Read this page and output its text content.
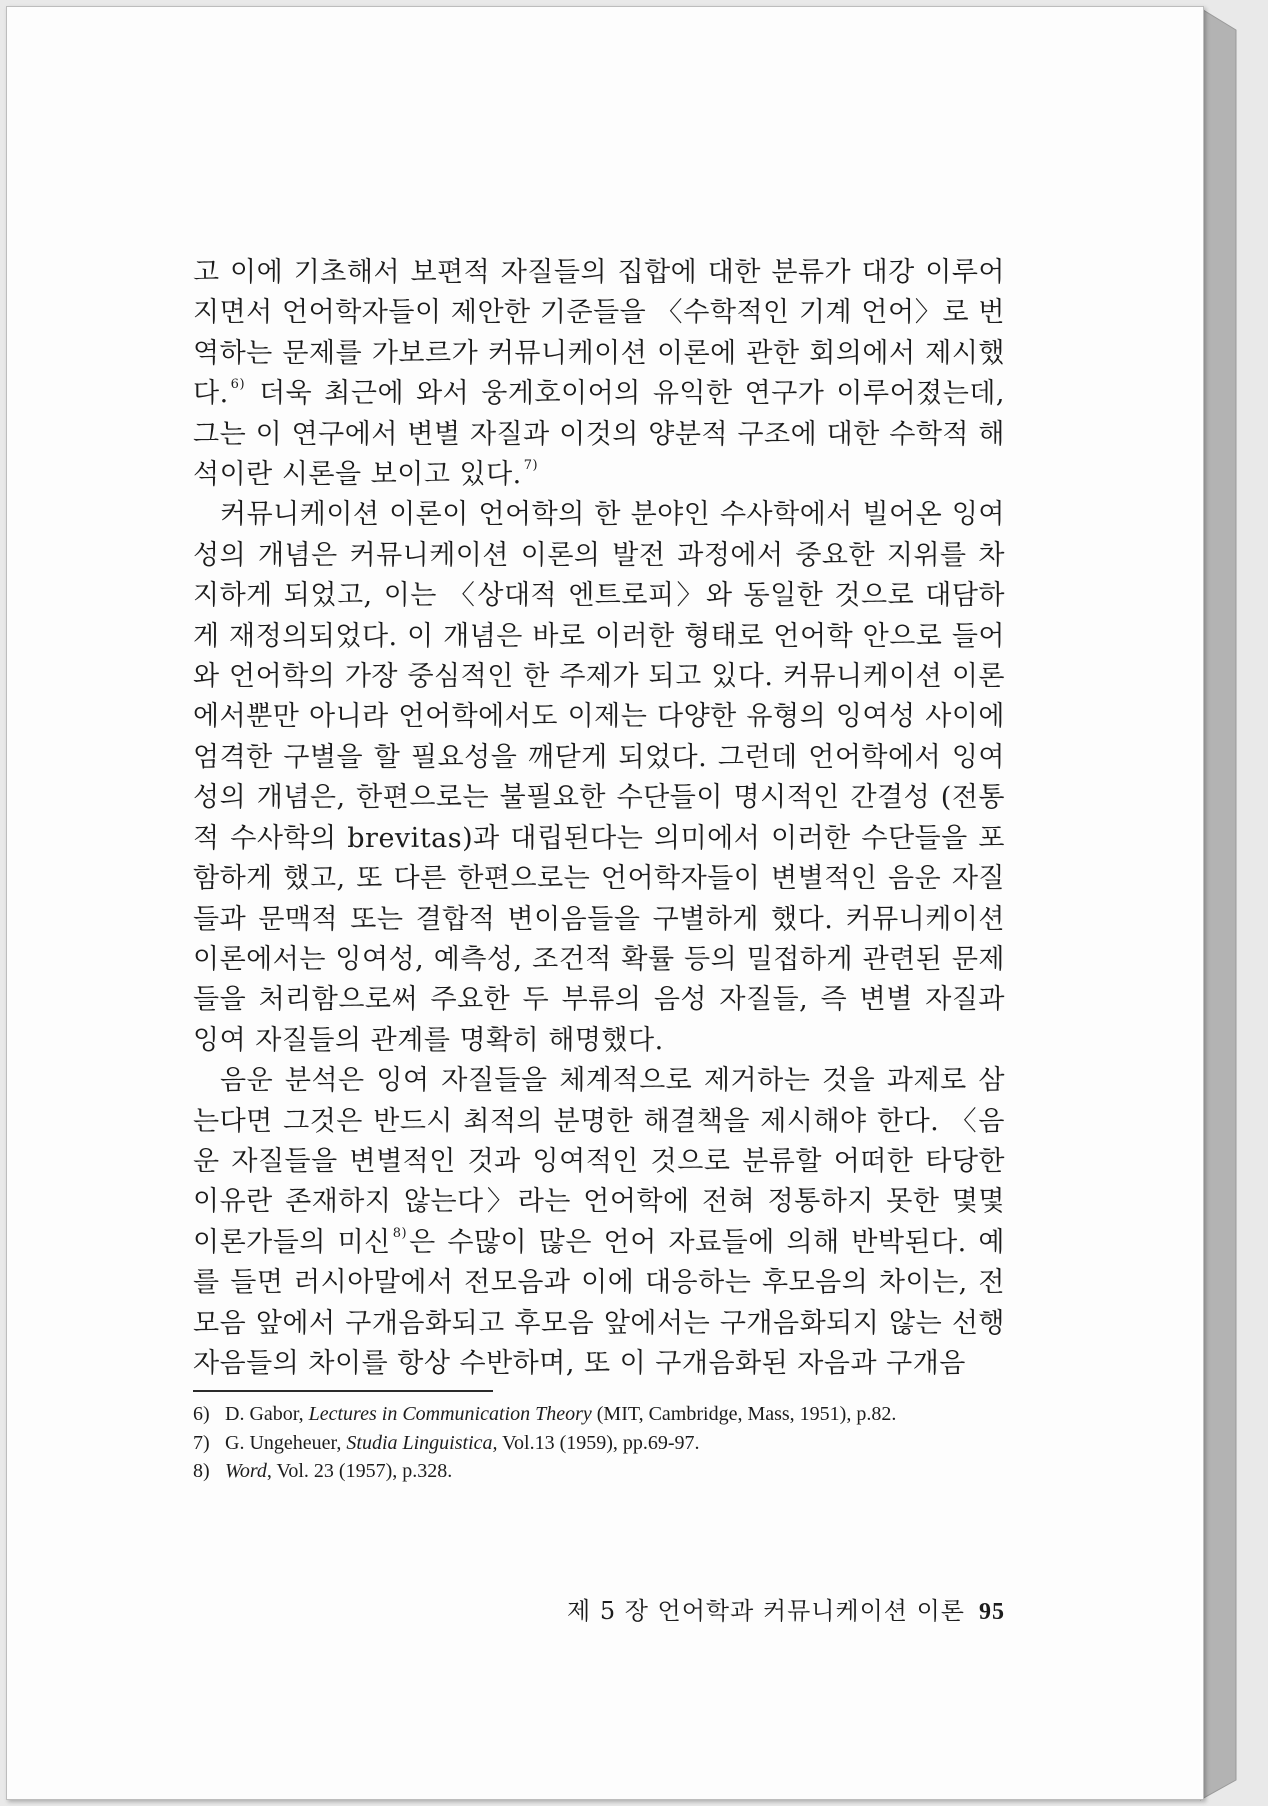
고 이에 기초해서 보편적 자질들의 집합에 대한 분류가 대강 이루어지면서 언어학자들이 제안한 기준들을 〈수학적인 기계 언어〉로 번역하는 문제를 가보르가 커뮤니케이션 이론에 관한 회의에서 제시했다. $^{6)}$ 더욱 최근에 와서 웅게호이어의 유익한 연구가 이루어졌는데, 그는 이 연구에서 변별 자질과 이것의 양분적 구조에 대한 수학적 해석이란 시론을 보이고 있다. $^{7)}$

커뮤니케이션 이론이 언어학의 한 분야인 수사학에서 빌어온 잉여성의 개념은 커뮤니케이션 이론의 발전 과정에서 중요한 지위를 차지하게 되었고, 이는 〈상대적 엔트로피〉와 동일한 것으로 대담하게 재정의되었다. 이 개념은 바로 이러한 형태로 언어학 안으로 들어와 언어학의 가장 중심적인 한 주제가 되고 있다. 커뮤니케이션 이론에서뿐만 아니라 언어학에서도 이제는 다양한 유형의 잉여성 사이에 엄격한 구별을 할 필요성을 깨닫게 되었다. 그런데 언어학에서 잉여성의 개념은, 한편으로는 불필요한 수단들이 명시적인 간결성 (전통적 수사학의 brevitas)과 대립된다는 의미에서 이러한 수단들을 포함하게 했고, 또 다른 한편으로는 언어학자들이 변별적인 음운 자질들과 문맥적 또는 결합적 변이음들을 구별하게 했다. 커뮤니케이션 이론에서는 잉여성, 예측성, 조건적 확률 등의 밀접하게 관련된 문제들을 처리함으로써 주요한 두 부류의 음성 자질들, 즉 변별 자질과 잉여 자질들의 관계를 명확히 해명했다.

음운 분석은 잉여 자질들을 체계적으로 제거하는 것을 과제로 삼는다면 그것은 반드시 최적의 분명한 해결책을 제시해야 한다. 〈음운 자질들을 변별적인 것과 잉여적인 것으로 분류할 어떠한 타당한 이유란 존재하지 않는다〉라는 언어학에 전혀 정통하지 못한 몇몇 이론가들의 미신 $^{8)}$은 수많이 많은 언어 자료들에 의해 반박된다. 예를 들면 러시아말에서 전모음과 이에 대응하는 후모음의 차이는, 전모음 앞에서 구개음화되고 후모음 앞에서는 구개음화되지 않는 선행 자음들의 차이를 항상 수반하며, 또 이 구개음화된 자음과 구개음

6) D. Gabor, Lectures in Communication Theory (MIT, Cambridge, Mass, 1951), p.82.
7) G. Ungeheuer, Studia Linguistica, Vol.13 (1959), pp.69-97.
8) Word, Vol. 23 (1957), p.328.
제 5 장 언어학과 커뮤니케이션 이론 95
